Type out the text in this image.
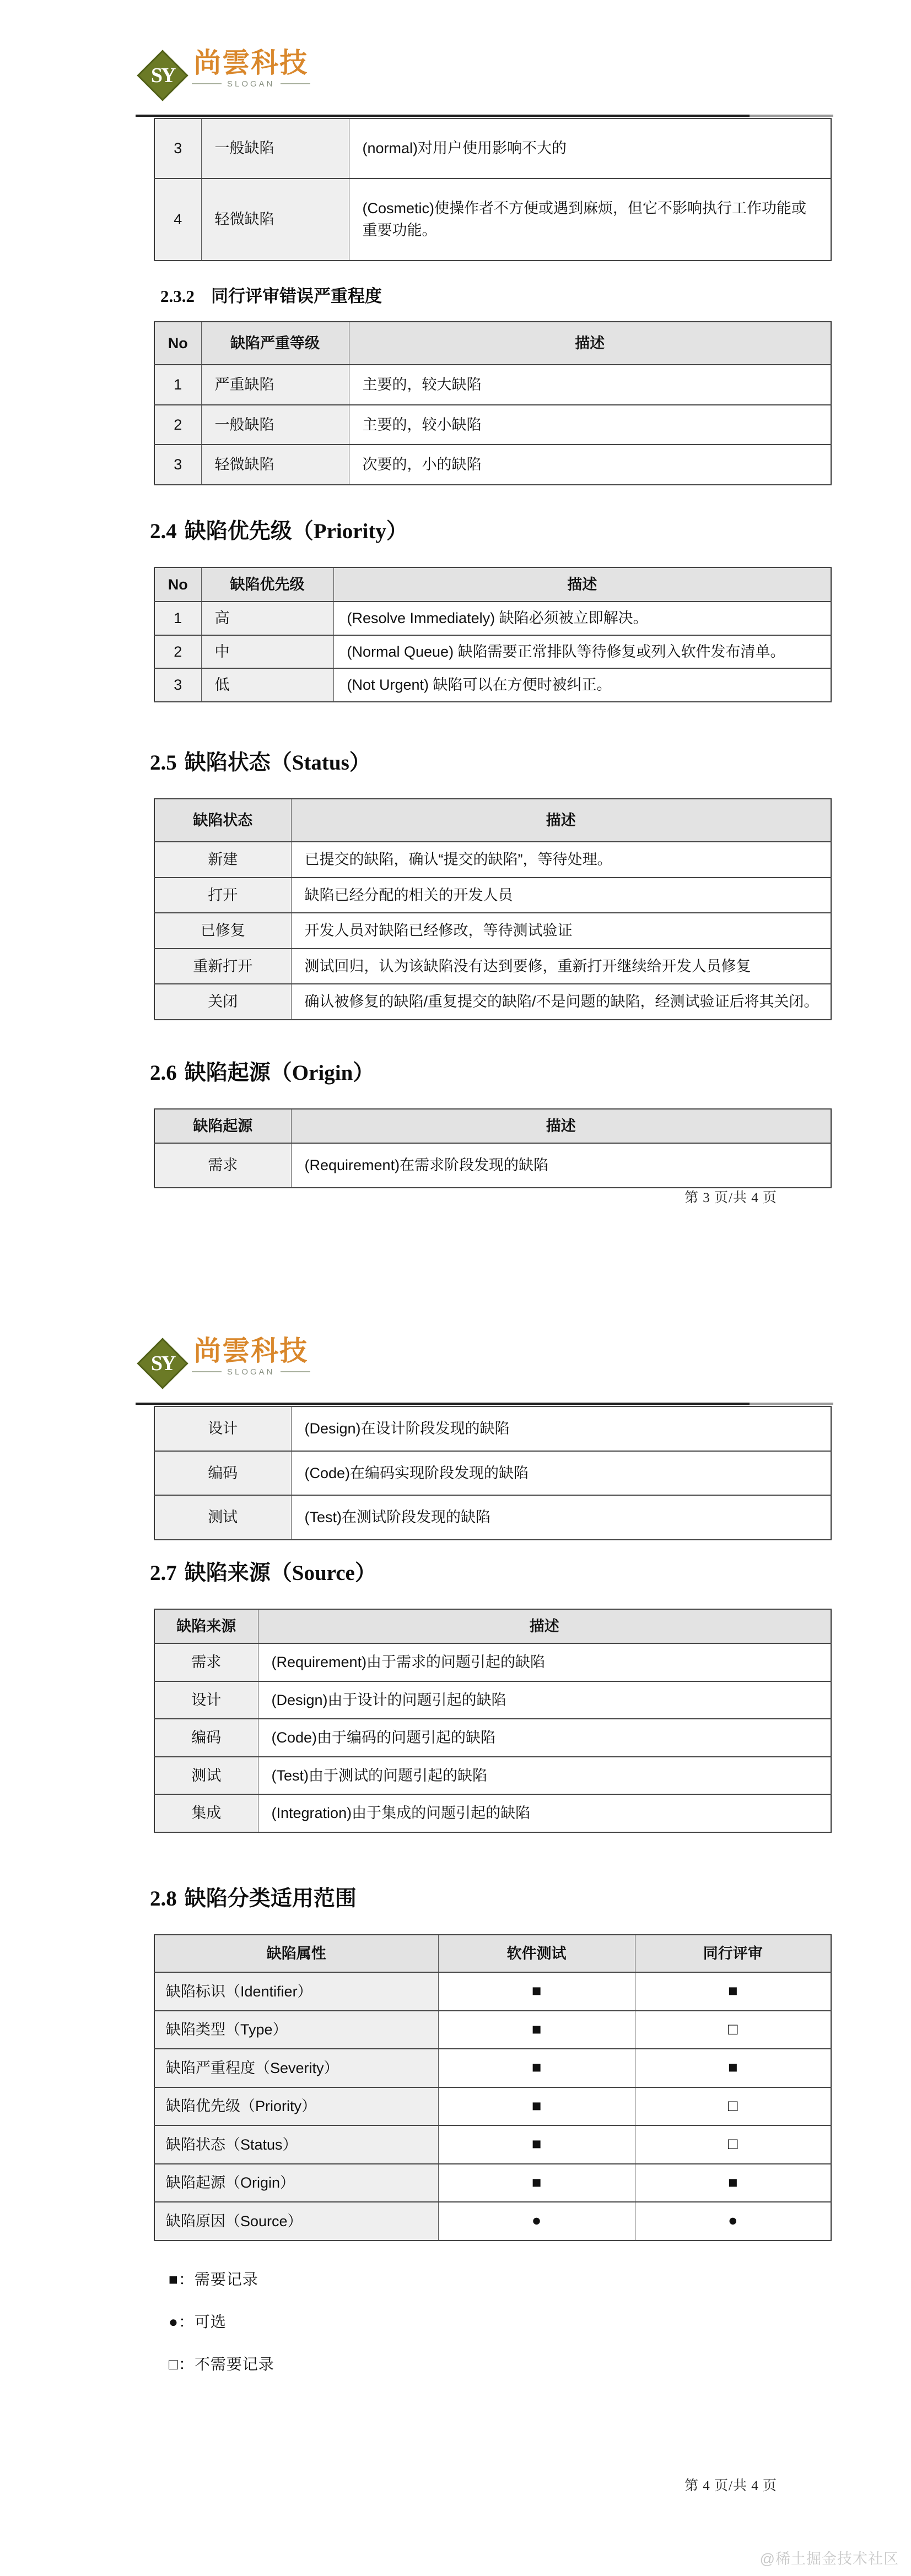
SY 尚雲科技
SLOGAN
3	一般缺陷	(normal)对用户使用影响不大的
4	轻微缺陷	(Cosmetic)使操作者不方便或遇到麻烦，但它不影响执行工作功能或重要功能。
2.3.2 同行评审错误严重程度
No	缺陷严重等级	描述
1	严重缺陷	主要的，较大缺陷
2	一般缺陷	主要的，较小缺陷
3	轻微缺陷	次要的，小的缺陷
2.4 缺陷优先级（Priority）
No	缺陷优先级	描述
1	高	(Resolve Immediately) 缺陷必须被立即解决。
2	中	(Normal Queue) 缺陷需要正常排队等待修复或列入软件发布清单。
3	低	(Not Urgent) 缺陷可以在方便时被纠正。
2.5 缺陷状态（Status）
缺陷状态	描述
新建	已提交的缺陷，确认“提交的缺陷”，等待处理。
打开	缺陷已经分配的相关的开发人员
已修复	开发人员对缺陷已经修改，等待测试验证
重新打开	测试回归，认为该缺陷没有达到要修，重新打开继续给开发人员修复
关闭	确认被修复的缺陷/重复提交的缺陷/不是问题的缺陷，经测试验证后将其关闭。
2.6 缺陷起源（Origin）
缺陷起源	描述
需求	(Requirement)在需求阶段发现的缺陷
第 3 页/共 4 页
SY 尚雲科技
SLOGAN
设计	(Design)在设计阶段发现的缺陷
编码	(Code)在编码实现阶段发现的缺陷
测试	(Test)在测试阶段发现的缺陷
2.7 缺陷来源（Source）
缺陷来源	描述
需求	(Requirement)由于需求的问题引起的缺陷
设计	(Design)由于设计的问题引起的缺陷
编码	(Code)由于编码的问题引起的缺陷
测试	(Test)由于测试的问题引起的缺陷
集成	(Integration)由于集成的问题引起的缺陷
2.8 缺陷分类适用范围
缺陷属性	软件测试	同行评审
缺陷标识（Identifier）	■	■
缺陷类型（Type）	■	□
缺陷严重程度（Severity）	■	■
缺陷优先级（Priority）	■	□
缺陷状态（Status）	■	□
缺陷起源（Origin）	■	■
缺陷原因（Source）	●	●
■：需要记录
●：可选
□：不需要记录
第 4 页/共 4 页
@稀土掘金技术社区
